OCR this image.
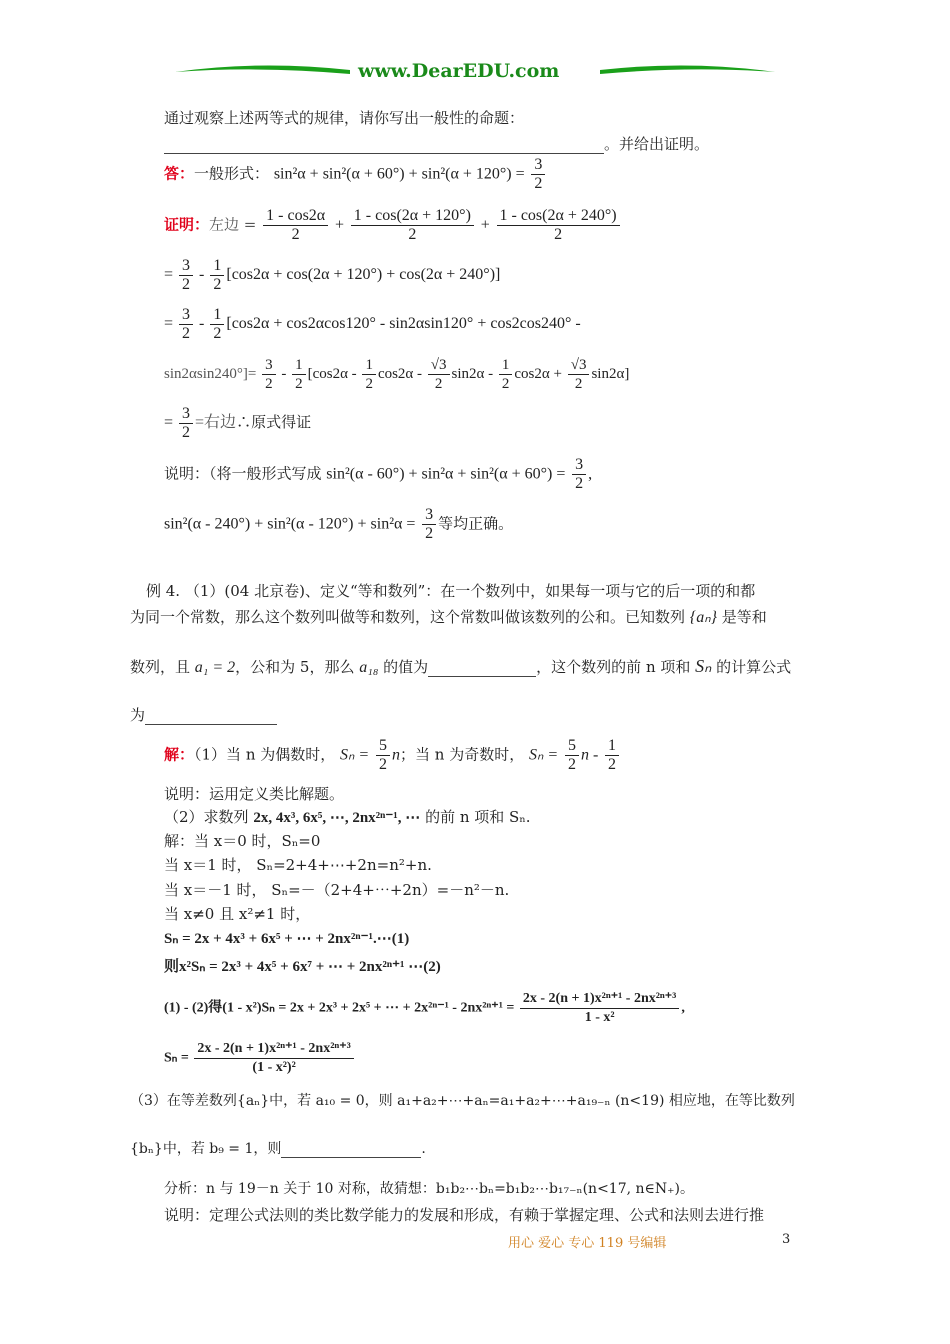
www.DearEDU.com
通过观察上述两等式的规律，请你写出一般性的命题：
。并给出证明。
答：一般形式： $\sin^2\alpha + \sin^2(\alpha + 60^\circ) + \sin^2(\alpha + 120^\circ) = \frac{3}{2}$
证明：左边 = $\frac{1 - \cos 2\alpha}{2} + \frac{1 - \cos(2\alpha + 120^\circ)}{2} + \frac{1 - \cos(2\alpha + 240^\circ)}{2}$
= $\frac{3}{2} - \frac{1}{2} [\cos 2\alpha + \cos(2\alpha + 120^\circ) + \cos(2\alpha + 240^\circ)]$
= $\frac{3}{2} - \frac{1}{2} [\cos 2\alpha + \cos 2\alpha\cos 120^\circ - \sin 2\alpha\sin 120^\circ + \cos 2\cos 240^\circ$ -
$\sin 2\alpha\sin 240^\circ]= \frac{3}{2} - \frac{1}{2} [\cos 2\alpha - \frac{1}{2} \cos 2\alpha - \frac{√3}{2} \sin 2\alpha - \frac{1}{2} \cos 2\alpha + \frac{√3}{2} \sin 2\alpha]$
= $\frac{3}{2}$ =右边∴原式得证
说明：（将一般形式写成 $\sin^2(\alpha - 60^\circ) + \sin^2\alpha + \sin^2(\alpha + 60^\circ) = \frac{3}{2}$ ,
$\sin^2(\alpha - 240^\circ) + \sin^2(\alpha - 120^\circ) + \sin^2\alpha = \frac{3}{2}$ 等均正确。
例 4. （1）(04 北京卷)、定义“等和数列”：在一个数列中，如果每一项与它的后一项的和都
为同一个常数，那么这个数列叫做等和数列，这个常数叫做该数列的公和。已知数列 {aₙ} 是等和
数列，且 a₁ = 2，公和为 5，那么 a₁₈ 的值为	，这个数列的前 n 项和 Sₙ 的计算公式
为
解：（1）当 n 为偶数时， $S_n = \frac{5}{2}$ n；当 n 为奇数时， $S_n = \frac{5}{2}$ n - $\frac{1}{2}$
说明：运用定义类比解题。
（2）求数列 2x, 4x³, 6x⁵, ⋯, 2nx²ⁿ⁻¹, ⋯ 的前 n 项和 Sₙ.
解：当 x＝0 时，Sₙ=0
当 x＝1 时， Sₙ=2+4+⋯+2n=n²+n.
当 x＝－1 时， Sₙ=－（2+4+⋯+2n）=－n²－n.
当 x≠0 且 x²≠1 时，
Sₙ = 2x + 4x³ + 6x⁵ + ⋯ + 2nx²ⁿ⁻¹.⋯(1)
则x²Sₙ = 2x³ + 4x⁵ + 6x⁷ + ⋯ + 2nx²ⁿ⁺¹ ⋯(2)
(1) - (2)得(1 - x²)Sₙ = 2x + 2x³ + 2x⁵ + ⋯ + $2x^{2n-1} - 2nx^{2n+1} = \frac{\text{2x - 2(n + 1)x²ⁿ⁺¹ - 2nx²ⁿ⁺³}}{\text{1 - x²}}$ ,
$S_n = \frac{\text{2x - 2(n + 1)x²ⁿ⁺¹ - 2nx²ⁿ⁺³}}{\text{(1 - x²)²}}$
（3）在等差数列{aₙ}中，若 a₁₀ = 0，则 a₁+a₂+⋯+aₙ=a₁+a₂+⋯+a₁₉₋ₙ (n<19) 相应地，在等比数列
{bₙ}中，若 b₉ = 1，则	.
分析：n 与 19－n 关于 10 对称，故猜想：b₁b₂⋯bₙ=b₁b₂⋯b₁₇₋ₙ(n<17, n∈N₊)。
说明：定理公式法则的类比数学能力的发展和形成，有赖于掌握定理、公式和法则去进行推
用心 爱心 专心 119 号编辑	3
